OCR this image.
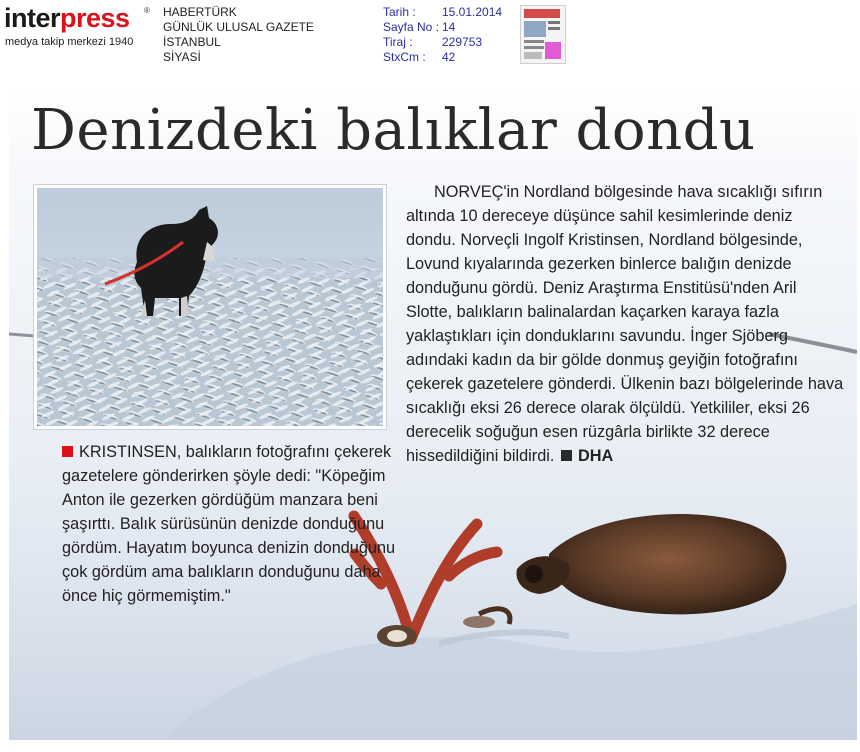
interpress ®
medya takip merkezi 1940
HABERTÜRK
GÜNLÜK ULUSAL GAZETE
İSTANBUL
SİYASİ
Tarih : 15.01.2014
Sayfa No : 14
Tiraj : 229753
StxCm : 42
Denizdeki balıklar dondu

NORVEÇ'in Nordland bölgesinde hava sıcaklığı sıfırın altında 10 dereceye düşünce sahil kesimlerinde deniz dondu. Norveçli Ingolf Kristinsen, Nordland bölgesinde, Lovund kıyalarında gezerken binlerce balığın denizde donduğunu gördü. Deniz Araştırma Enstitüsü'nden Aril Slotte, balıkların balinalardan kaçarken karaya fazla yaklaştıkları için donduklarını savundu. İnger Sjöberg adındaki kadın da bir gölde donmuş geyiğin fotoğrafını çekerek gazetelere gönderdi. Ülkenin bazı bölgelerinde hava sıcaklığı eksi 26 derece olarak ölçüldü. Yetkililer, eksi 26 derecelik soğuğun esen rüzgârla birlikte 32 derece hissedildiğini bildirdi. DHA

KRISTINSEN, balıkların fotoğrafını çekerek gazetelere gönderirken şöyle dedi: "Köpeğim Anton ile gezerken gördüğüm manzara beni şaşırttı. Balık sürüsünün denizde donduğunu gördüm. Hayatım boyunca denizin donduğunu çok gördüm ama balıkların donduğunu daha önce hiç görmemiştim."
